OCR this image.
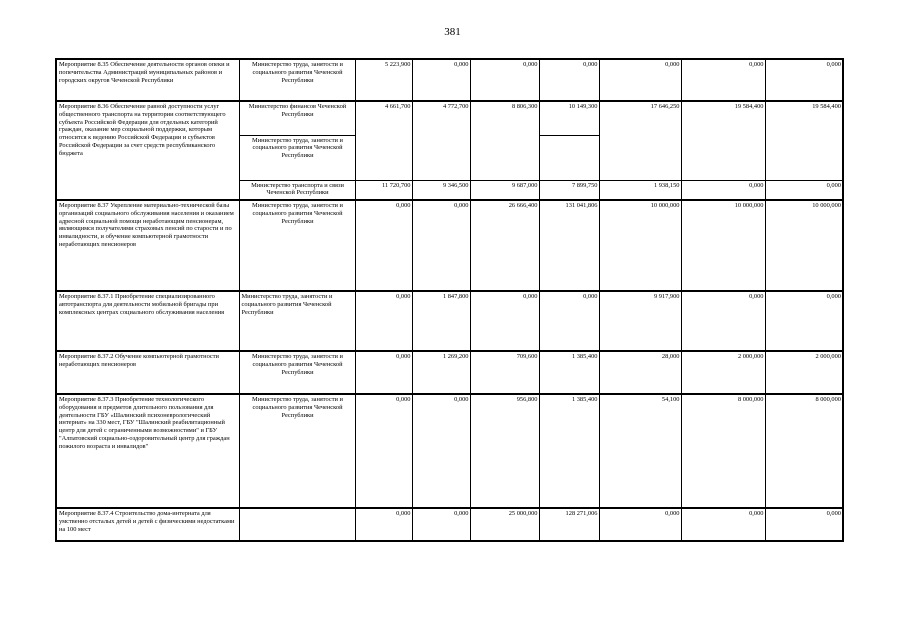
381
Мероприятие 8.35 Обеспечение деятельности органов опеки и попечительства Администраций муниципальных районов и городских округов Чеченской Республики	Министерство труда, занятости и социального развития Чеченской Республики	5 223,900	0,000	0,000	0,000	0,000	0,000	0,000
Мероприятие 8.36 Обеспечение равной доступности услуг общественного транспорта на территории соответствующего субъекта Российской Федерации для отдельных категорий граждан, оказание мер социальной поддержки, которым относится к ведению Российской Федерации и субъектов Российской Федерации за счет средств республиканского бюджета	Министерство финансов Чеченской Республики	4 661,700	4 772,700	8 806,300	10 149,300	17 646,250	19 584,400	19 584,400
	Министерство труда, занятости и социального развития Чеченской Республики							
	Министерство транспорта и связи Чеченской Республики	11 720,700	9 346,500	9 687,000	7 899,750	1 938,150	0,000	0,000
Мероприятие 8.37 Укрепление материально-технической базы организаций социального обслуживания населения и оказанием адресной социальной помощи неработающим пенсионерам, являющимся получателями страховых пенсий по старости и по инвалидности, и обучение компьютерной грамотности неработающих пенсионеров	Министерство труда, занятости и социального развития Чеченской Республики	0,000	0,000	26 666,400	131 041,806	10 000,000	10 000,000	10 000,000
Мероприятие 8.37.1 Приобретение специализированного автотранспорта для деятельности мобильной бригады при комплексных центрах социального обслуживания населения	Министерство труда, занятости и социального развития Чеченской Республики	0,000	1 847,800	0,000	0,000	9 917,900	0,000	0,000
Мероприятие 8.37.2 Обучение компьютерной грамотности неработающих пенсионеров	Министерство труда, занятости и социального развития Чеченской Республики	0,000	1 269,200	709,600	1 385,400	28,000	2 000,000	2 000,000
Мероприятие 8.37.3 Приобретение технологического оборудования и предметов длительного пользования для деятельности ГБУ «Шалинский психоневрологический интернат» на 330 мест, ГБУ "Шалинский реабилитационный центр для детей с ограниченными возможностями" и ГБУ "Алпатовский социально-оздоровительный центр для граждан пожилого возраста и инвалидов"	Министерство труда, занятости и социального развития Чеченской Республики	0,000	0,000	956,800	1 385,400	54,100	8 000,000	8 000,000
Мероприятие 8.37.4 Строительство дома-интерната для умственно отсталых детей и детей с физическими недостатками на 100 мест		0,000	0,000	25 000,000	128 271,006	0,000	0,000	0,000
